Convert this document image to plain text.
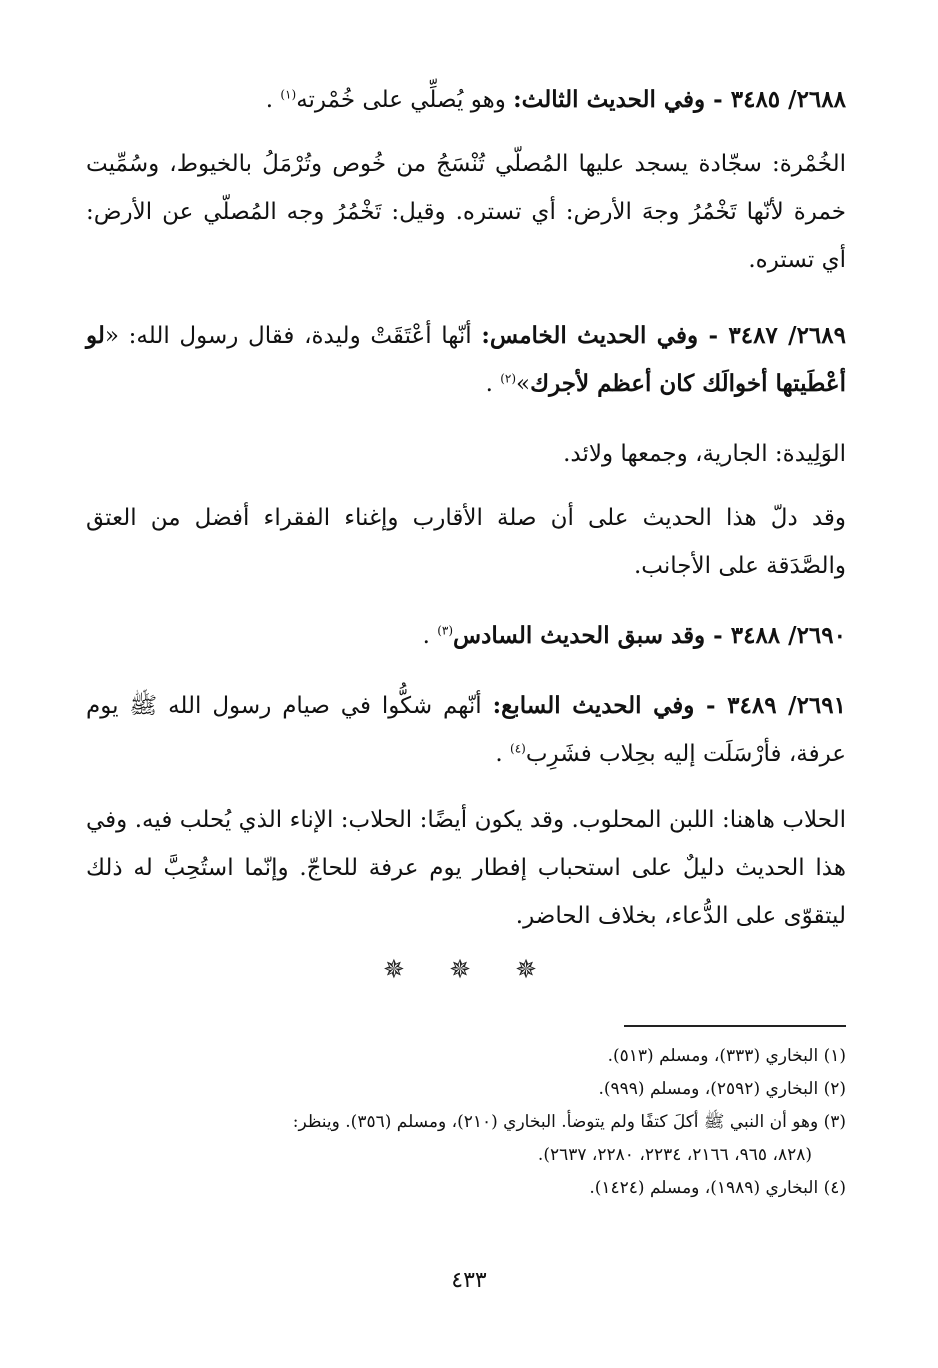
٢٦٨٨/ ٣٤٨٥ - وفي الحديث الثالث: وهو يُصلِّي على خُمْرته$^{(١)}$ .
الخُمْرة: سجّادة يسجد عليها المُصلّي تُنْسَجُ من خُوص وتُرْمَلُ بالخيوط، وسُمِّيت خمرة لأنّها تَخْمُرُ وجهَ الأرض: أي تستره. وقيل: تَخْمُرُ وجه المُصلّي عن الأرض: أي تستره.
٢٦٨٩/ ٣٤٨٧ - وفي الحديث الخامس: أنّها أعْتَقَتْ وليدة، فقال رسول الله: «لو أعْطَيتها أخوالَك كان أعظم لأجرك»$^{(٢)}$ .
الوَلِيدة: الجارية، وجمعها ولائد.
وقد دلّ هذا الحديث على أن صلة الأقارب وإغناء الفقراء أفضل من العتق والصَّدَقة على الأجانب.
٢٦٩٠/ ٣٤٨٨ - وقد سبق الحديث السادس$^{(٣)}$ .
٢٦٩١/ ٣٤٨٩ - وفي الحديث السابع: أنّهم شكُّوا في صيام رسول الله ﷺ يوم عرفة، فأرْسَلَت إليه بحِلاب فشَرِب$^{(٤)}$ .
الحلاب هاهنا: اللبن المحلوب. وقد يكون أيضًا: الحلاب: الإناء الذي يُحلب فيه. وفي هذا الحديث دليلٌ على استحباب إفطار يوم عرفة للحاجّ. وإنّما استُحِبَّ له ذلك ليتقوّى على الدُّعاء، بخلاف الحاضر.
✵ ✵ ✵

(١) البخاري (٣٣٣)، ومسلم (٥١٣).

(٢) البخاري (٢٥٩٢)، ومسلم (٩٩٩).

(٣) وهو أن النبي ﷺ أكلَ كتفًا ولم يتوضأ. البخاري (٢١٠)، ومسلم (٣٥٦). وينظر:

(٨٢٨، ٩٦٥، ٢١٦٦، ٢٢٣٤، ٢٢٨٠، ٢٦٣٧).

(٤) البخاري (١٩٨٩)، ومسلم (١٤٢٤).

٤٣٣
